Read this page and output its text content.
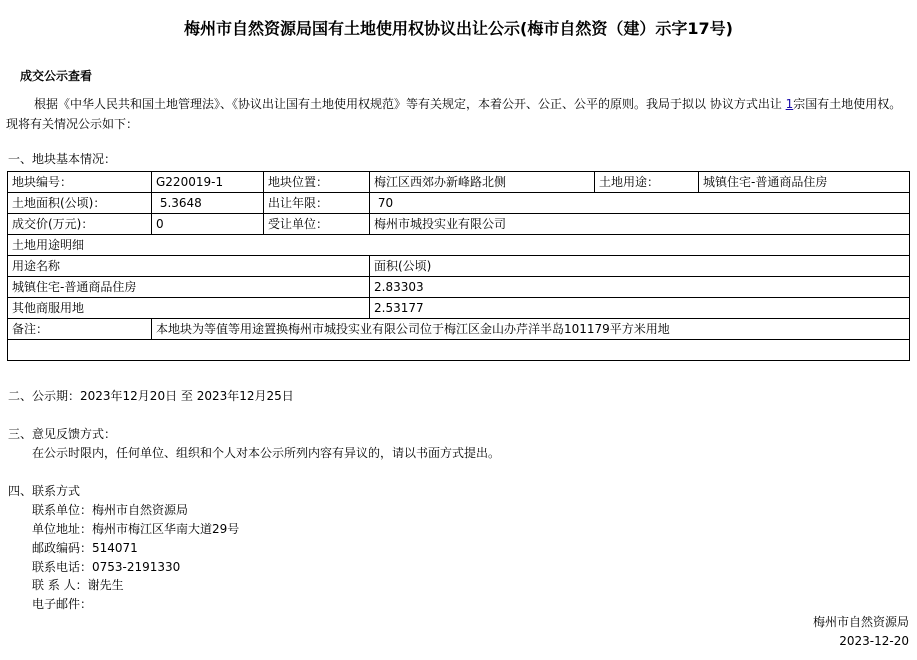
梅州市自然资源局国有土地使用权协议出让公示(梅市自然资（建）示字17号)
成交公示查看
根据《中华人民共和国土地管理法》、《协议出让国有土地使用权规范》等有关规定，本着公开、公正、公平的原则。我局于拟以 协议方式出让 1宗国有土地使用权。现将有关情况公示如下：
一、地块基本情况：
地块编号：	G220019-1	地块位置：	梅江区西郊办新峰路北侧	土地用途：	城镇住宅-普通商品住房
土地面积(公顷)：	5.3648	出让年限：	70		
成交价(万元)：	0	受让单位：	梅州市城投实业有限公司		
土地用途明细					
用途名称			面积(公顷)		
城镇住宅-普通商品住房			2.83303		
其他商服用地			2.53177		
备注：	本地块为等值等用途置换梅州市城投实业有限公司位于梅江区金山办芹洋半岛101179平方米用地				

二、公示期：2023年12月20日 至 2023年12月25日
三、意见反馈方式：
在公示时限内，任何单位、组织和个人对本公示所列内容有异议的，请以书面方式提出。
四、联系方式
联系单位：梅州市自然资源局
单位地址：梅州市梅江区华南大道29号
邮政编码：514071
联系电话：0753-2191330
联 系 人：谢先生
电子邮件：
梅州市自然资源局
2023-12-20
